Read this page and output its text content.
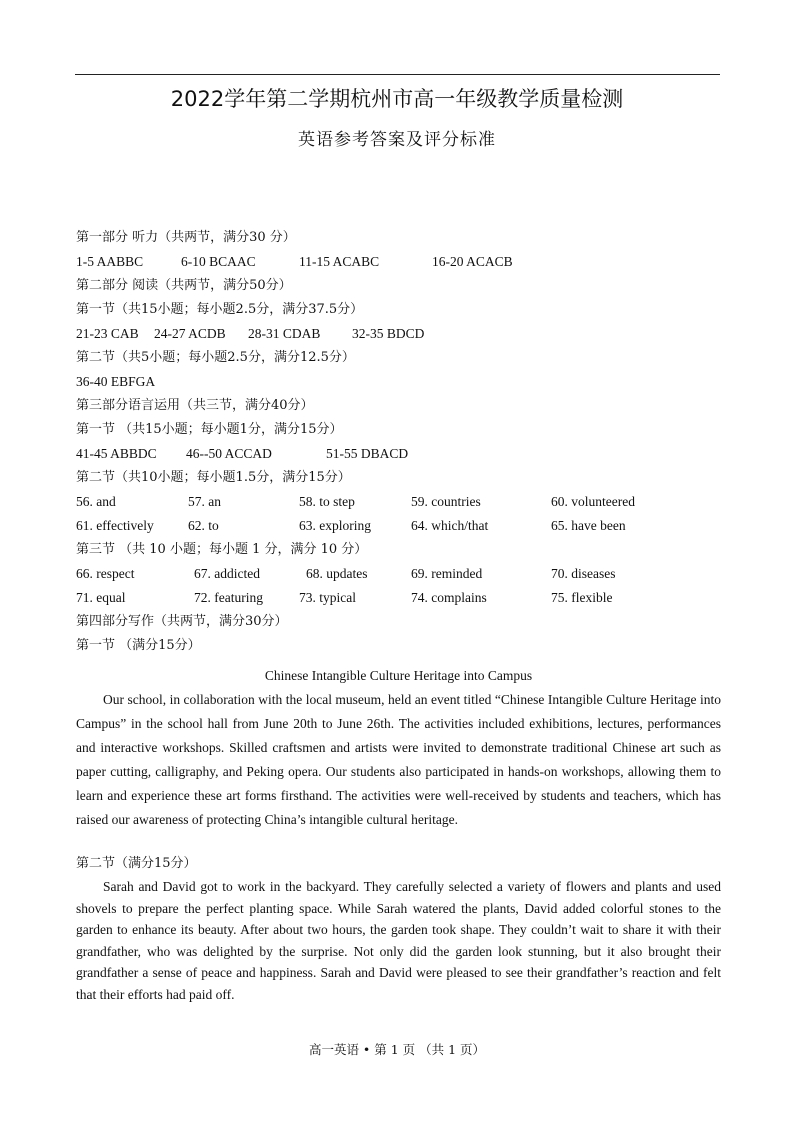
2022学年第二学期杭州市高一年级教学质量检测
英语参考答案及评分标准
第一部分 听力（共两节，满分30 分）
1-5 AABBC	6-10 BCAAC	11-15 ACABC	16-20 ACACB
第二部分 阅读（共两节，满分50分）
第一节（共15小题；每小题2.5分，满分37.5分）
21-23 CAB 24-27 ACDB 28-31 CDAB 32-35 BDCD
第二节（共5小题；每小题2.5分，满分12.5分）
36-40 EBFGA
第三部分语言运用（共三节，满分40分）
第一节 （共15小题；每小题1分，满分15分）
41-45 ABBDC 46--50 ACCAD	51-55 DBACD
第二节（共10小题；每小题1.5分，满分15分）
56. and	57. an	58. to step	59. countries	60. volunteered
61. effectively	62. to	63. exploring	64. which/that	65. have been
第三节 （共 10 小题；每小题 1 分，满分 10 分）
66. respect	67. addicted	68. updates	69. reminded	70. diseases
71. equal	72. featuring	73. typical	74. complains	75. flexible
第四部分写作（共两节，满分30分）
第一节 （满分15分）
Chinese Intangible Culture Heritage into Campus

Our school, in collaboration with the local museum, held an event titled “Chinese Intangible Culture Heritage into Campus” in the school hall from June 20th to June 26th. The activities included exhibitions, lectures, performances and interactive workshops. Skilled craftsmen and artists were invited to demonstrate traditional Chinese art such as paper cutting, calligraphy, and Peking opera. Our students also participated in hands-on workshops, allowing them to learn and experience these art forms firsthand. The activities were well-received by students and teachers, which has raised our awareness of protecting China’s intangible cultural heritage.

第二节（满分15分）

Sarah and David got to work in the backyard. They carefully selected a variety of flowers and plants and used shovels to prepare the perfect planting space. While Sarah watered the plants, David added colorful stones to the garden to enhance its beauty. After about two hours, the garden took shape. They couldn’t wait to share it with their grandfather, who was delighted by the surprise. Not only did the garden look stunning, but it also brought their grandfather a sense of peace and happiness. Sarah and David were pleased to see their grandfather’s reaction and felt that their efforts had paid off.

高一英语 • 第 1 页 （共 1 页）
